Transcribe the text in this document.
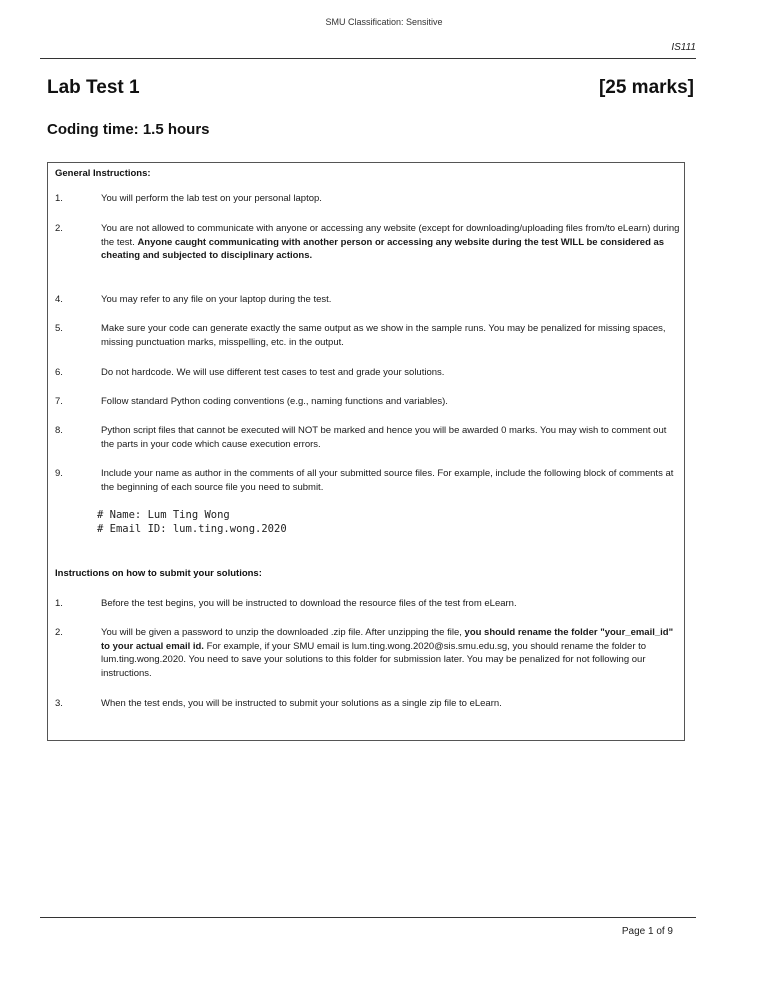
SMU Classification: Sensitive
IS111
Lab Test 1	[25 marks]
Coding time: 1.5 hours
General Instructions:
1.	You will perform the lab test on your personal laptop.
2.	You are not allowed to communicate with anyone or accessing any website (except for downloading/uploading files from/to eLearn) during the test. Anyone caught communicating with another person or accessing any website during the test WILL be considered as cheating and subjected to disciplinary actions.
4.	You may refer to any file on your laptop during the test.
5.	Make sure your code can generate exactly the same output as we show in the sample runs. You may be penalized for missing spaces, missing punctuation marks, misspelling, etc. in the output.
6.	Do not hardcode. We will use different test cases to test and grade your solutions.
7.	Follow standard Python coding conventions (e.g., naming functions and variables).
8.	Python script files that cannot be executed will NOT be marked and hence you will be awarded 0 marks. You may wish to comment out the parts in your code which cause execution errors.
9.	Include your name as author in the comments of all your submitted source files. For example, include the following block of comments at the beginning of each source file you need to submit.
# Name: Lum Ting Wong
# Email ID: lum.ting.wong.2020
Instructions on how to submit your solutions:
1.	Before the test begins, you will be instructed to download the resource files of the test from eLearn.
2.	You will be given a password to unzip the downloaded .zip file. After unzipping the file, you should rename the folder "your_email_id" to your actual email id. For example, if your SMU email is lum.ting.wong.2020@sis.smu.edu.sg, you should rename the folder to lum.ting.wong.2020. You need to save your solutions to this folder for submission later. You may be penalized for not following our instructions.
3.	When the test ends, you will be instructed to submit your solutions as a single zip file to eLearn.
Page 1 of 9
